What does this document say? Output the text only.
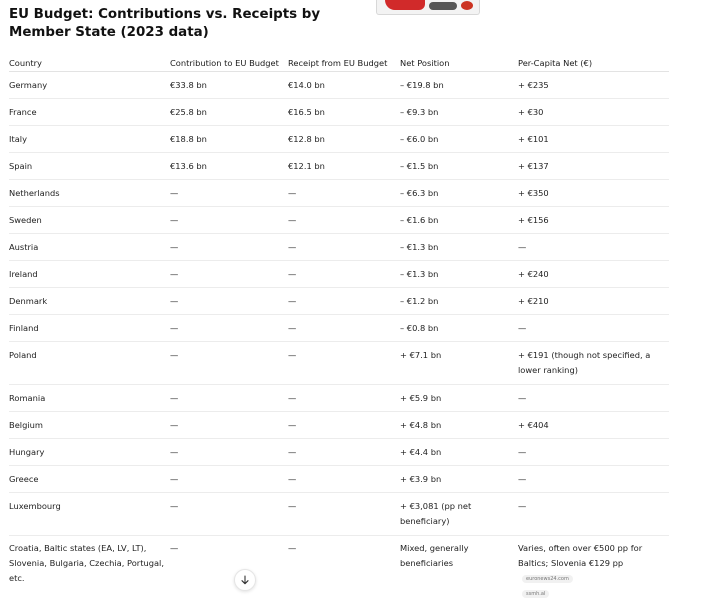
EU Budget: Contributions vs. Receipts by Member State (2023 data)
Country	Contribution to EU Budget	Receipt from EU Budget	Net Position	Per-Capita Net (€)
Germany	€33.8 bn	€14.0 bn	– €19.8 bn	+ €235
France	€25.8 bn	€16.5 bn	– €9.3 bn	+ €30
Italy	€18.8 bn	€12.8 bn	– €6.0 bn	+ €101
Spain	€13.6 bn	€12.1 bn	– €1.5 bn	+ €137
Netherlands	—	—	– €6.3 bn	+ €350
Sweden	—	—	– €1.6 bn	+ €156
Austria	—	—	– €1.3 bn	—
Ireland	—	—	– €1.3 bn	+ €240
Denmark	—	—	– €1.2 bn	+ €210
Finland	—	—	– €0.8 bn	—
Poland	—	—	+ €7.1 bn	+ €191 (though not specified, a lower ranking)
Romania	—	—	+ €5.9 bn	—
Belgium	—	—	+ €4.8 bn	+ €404
Hungary	—	—	+ €4.4 bn	—
Greece	—	—	+ €3.9 bn	—
Luxembourg	—	—	+ €3,081 (pp net beneficiary)	—
Croatia, Baltic states (EA, LV, LT), Slovenia, Bulgaria, Czechia, Portugal, etc.	—	—	Mixed, generally beneficiaries	Varies, often over €500 pp for Baltics; Slovenia €129 ppeuronews24.com
ssmh.al
